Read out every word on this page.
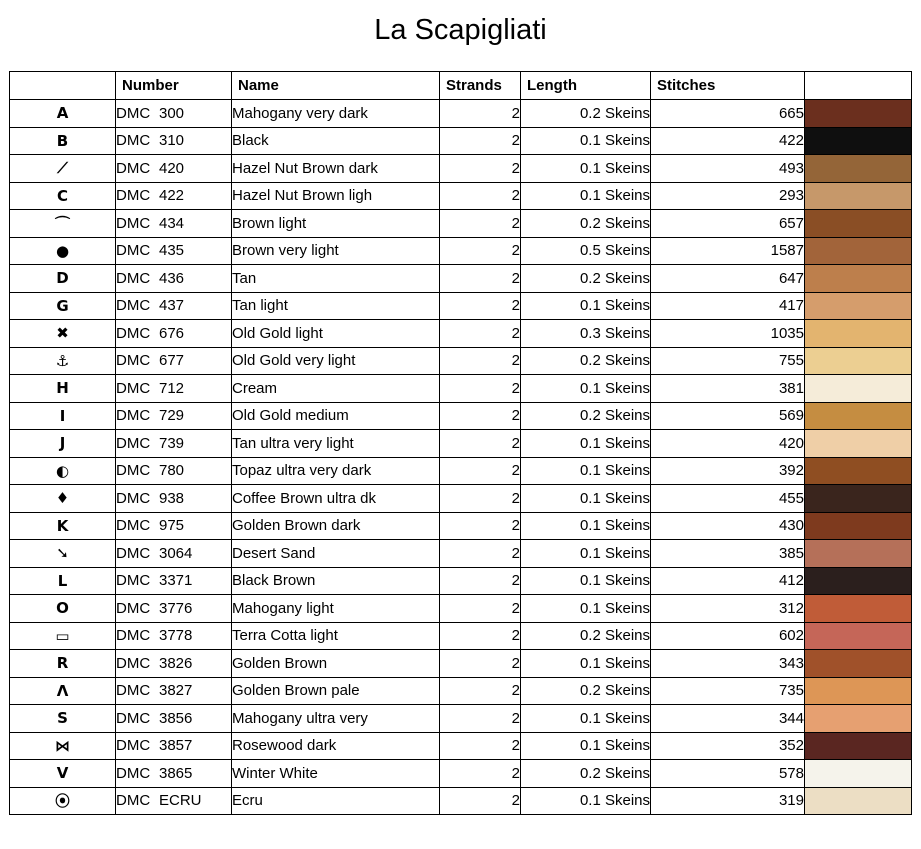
La Scapigliati
	Number	Name	Strands	Length	Stitches	
A	DMC 300	Mahogany very dark	2	0.2 Skeins	665	

B	DMC 310	Black	2	0.1 Skeins	422	

⟋	DMC 420	Hazel Nut Brown dark	2	0.1 Skeins	493	

C	DMC 422	Hazel Nut Brown ligh	2	0.1 Skeins	293	

⌒	DMC 434	Brown light	2	0.2 Skeins	657	

●	DMC 435	Brown very light	2	0.5 Skeins	1587	

D	DMC 436	Tan	2	0.2 Skeins	647	

G	DMC 437	Tan light	2	0.1 Skeins	417	

✖	DMC 676	Old Gold light	2	0.3 Skeins	1035	

⚓	DMC 677	Old Gold very light	2	0.2 Skeins	755	

H	DMC 712	Cream	2	0.1 Skeins	381	

I	DMC 729	Old Gold medium	2	0.2 Skeins	569	

J	DMC 739	Tan ultra very light	2	0.1 Skeins	420	

◐	DMC 780	Topaz ultra very dark	2	0.1 Skeins	392	

♦	DMC 938	Coffee Brown ultra dk	2	0.1 Skeins	455	

K	DMC 975	Golden Brown dark	2	0.1 Skeins	430	

➘	DMC 3064	Desert Sand	2	0.1 Skeins	385	

L	DMC 3371	Black Brown	2	0.1 Skeins	412	

O	DMC 3776	Mahogany light	2	0.1 Skeins	312	

▭	DMC 3778	Terra Cotta light	2	0.2 Skeins	602	

R	DMC 3826	Golden Brown	2	0.1 Skeins	343	

Λ	DMC 3827	Golden Brown pale	2	0.2 Skeins	735	

S	DMC 3856	Mahogany ultra very	2	0.1 Skeins	344	

⋈	DMC 3857	Rosewood dark	2	0.1 Skeins	352	

V	DMC 3865	Winter White	2	0.2 Skeins	578	

⦿	DMC ECRU	Ecru	2	0.1 Skeins	319	
